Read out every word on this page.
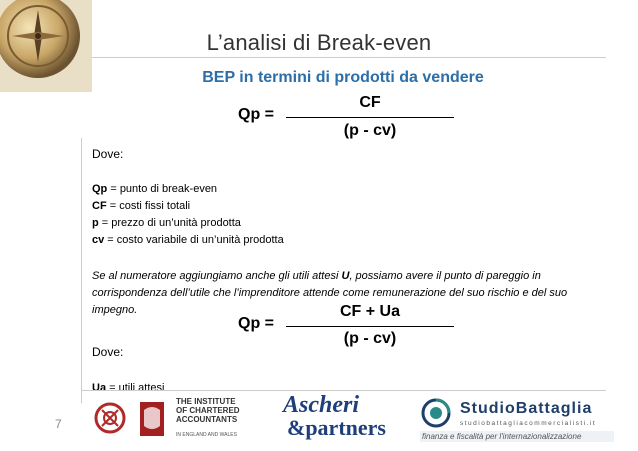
L’analisi di Break-even
BEP in termini di prodotti da vendere
Qp =
CF
(p - cv)
Dove:
Qp = punto di break-even
CF = costi fissi totali
p = prezzo di un’unità prodotta
cv = costo variabile di un’unità prodotta
Se al numeratore aggiungiamo anche gli utili attesi U, possiamo avere il punto di pareggio in corrispondenza dell’utile che l’imprenditore attende come remunerazione del suo rischio e del suo impegno.
Qp =
CF + Ua
(p - cv)
Dove:
Ua = utili attesi
7
THE INSTITUTE
OF CHARTERED
ACCOUNTANTS
IN ENGLAND AND WALES
Ascheri
&partners
StudioBattaglia
studiobattagliacommercialisti.it
finanza e fiscalità per l'internazionalizzazione
